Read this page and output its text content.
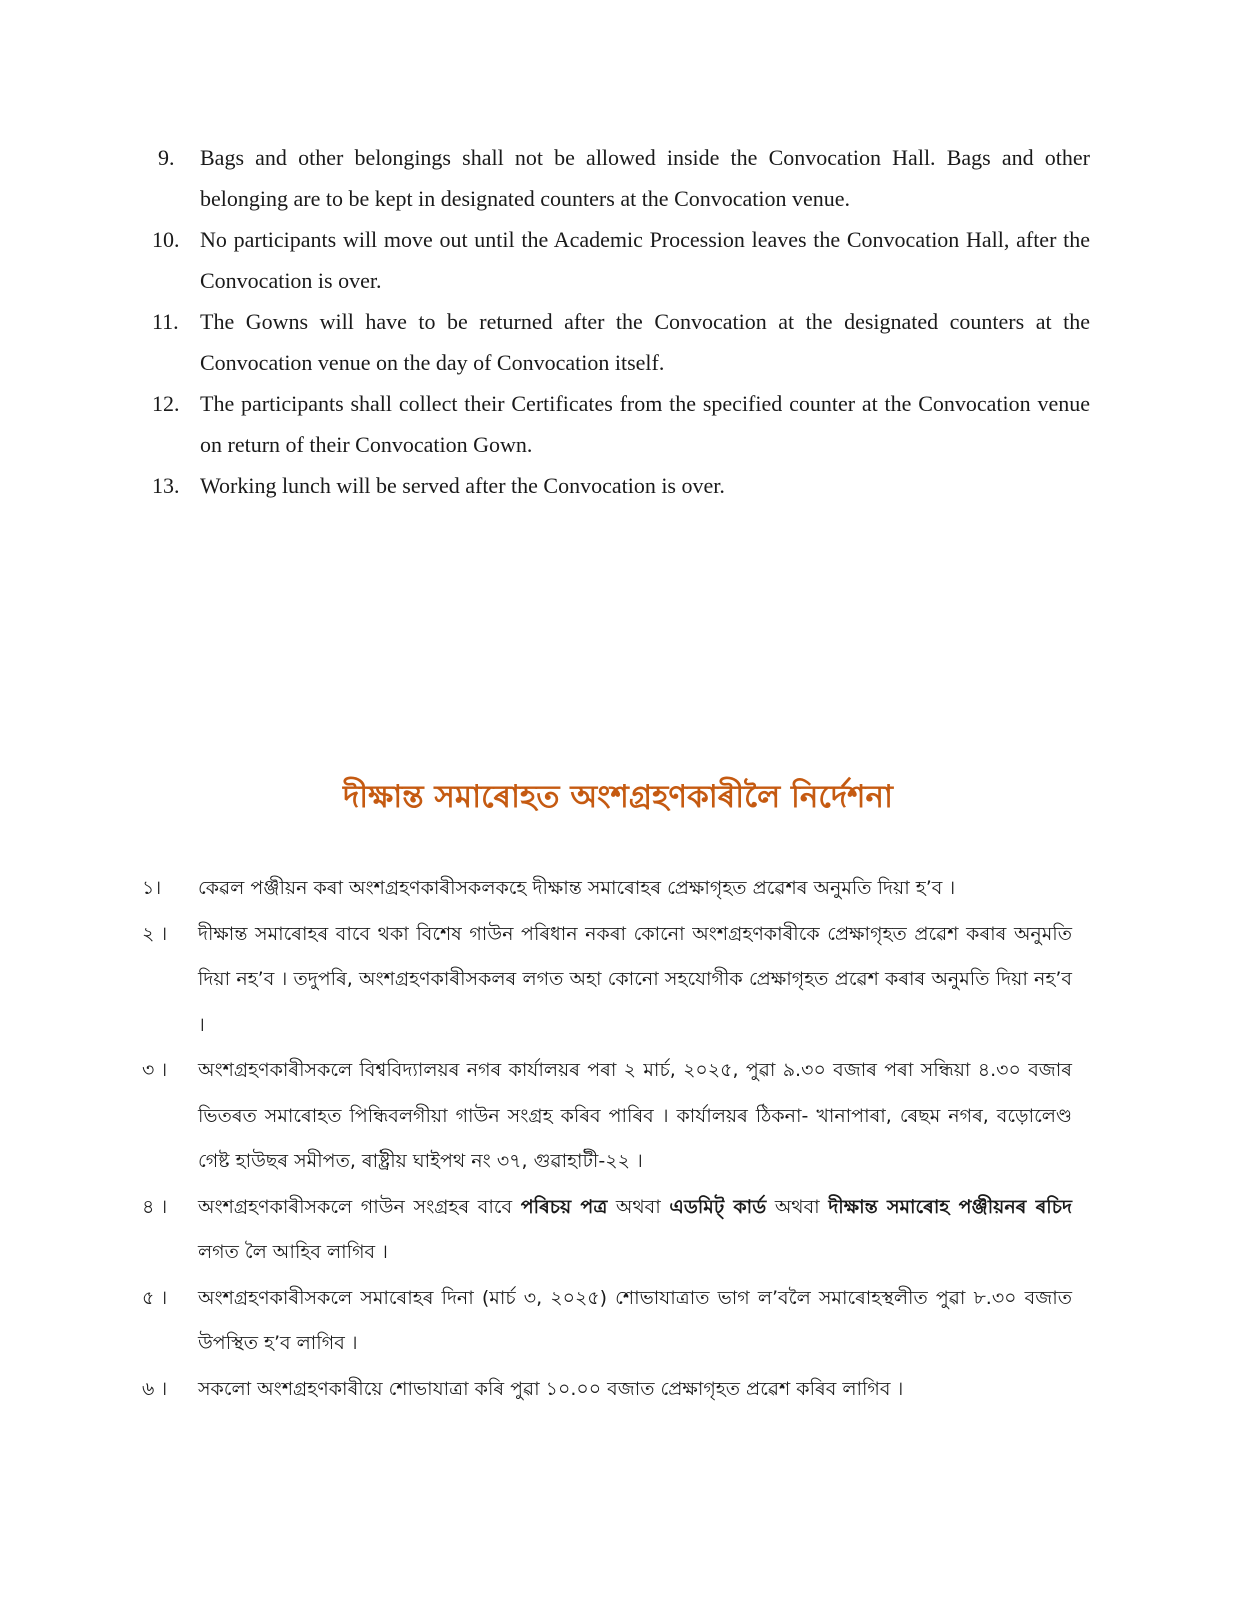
9.	Bags and other belongings shall not be allowed inside the Convocation Hall. Bags and other belonging are to be kept in designated counters at the Convocation venue.
10. No participants will move out until the Academic Procession leaves the Convocation Hall, after the Convocation is over.
11. The Gowns will have to be returned after the Convocation at the designated counters at the Convocation venue on the day of Convocation itself.
12. The participants shall collect their Certificates from the specified counter at the Convocation venue on return of their Convocation Gown.
13. Working lunch will be served after the Convocation is over.
দীক্ষান্ত সমাৰোহত অংশগ্ৰহণকাৰীলৈ নিৰ্দেশনা
১।	কেৱল পঞ্জীয়ন কৰা অংশগ্ৰহণকাৰীসকলকহে দীক্ষান্ত সমাৰোহৰ প্ৰেক্ষাগৃহত প্ৰৱেশৰ অনুমতি দিয়া হ’ব ।
২ ।	দীক্ষান্ত সমাৰোহৰ বাবে থকা বিশেষ গাউন পৰিধান নকৰা কোনো অংশগ্ৰহণকাৰীকে প্ৰেক্ষাগৃহত প্ৰৱেশ কৰাৰ অনুমতি দিয়া নহ’ব । তদুপৰি, অংশগ্ৰহণকাৰীসকলৰ লগত অহা কোনো সহযোগীক প্ৰেক্ষাগৃহত প্ৰৱেশ কৰাৰ অনুমতি দিয়া নহ’ব ।
৩ ।	অংশগ্ৰহণকাৰীসকলে বিশ্ববিদ্যালয়ৰ নগৰ কাৰ্যালয়ৰ পৰা ২ মাৰ্চ, ২০২৫, পুৱা ৯.৩০ বজাৰ পৰা সন্ধিয়া ৪.৩০ বজাৰ ভিতৰত সমাৰোহত পিন্ধিবলগীয়া গাউন সংগ্ৰহ কৰিব পাৰিব । কাৰ্যালয়ৰ ঠিকনা- খানাপাৰা, ৰেছম নগৰ, বড়োলেণ্ড গেষ্ট হাউছৰ সমীপত, ৰাষ্ট্ৰীয় ঘাইপথ নং ৩৭, গুৱাহাটী-২২ ।
৪ ।	অংশগ্ৰহণকাৰীসকলে গাউন সংগ্ৰহৰ বাবে পৰিচয় পত্ৰ অথবা এডমিট্ কাৰ্ড অথবা দীক্ষান্ত সমাৰোহ পঞ্জীয়নৰ ৰচিদ লগত লৈ আহিব লাগিব ।
৫ ।	অংশগ্ৰহণকাৰীসকলে সমাৰোহৰ দিনা (মাৰ্চ ৩, ২০২৫) শোভাযাত্ৰাত ভাগ ল’বলৈ সমাৰোহস্থলীত পুৱা ৮.৩০ বজাত উপস্থিত হ’ব লাগিব ।
৬ ।	সকলো অংশগ্ৰহণকাৰীয়ে শোভাযাত্ৰা কৰি পুৱা ১০.০০ বজাত প্ৰেক্ষাগৃহত প্ৰৱেশ কৰিব লাগিব ।
